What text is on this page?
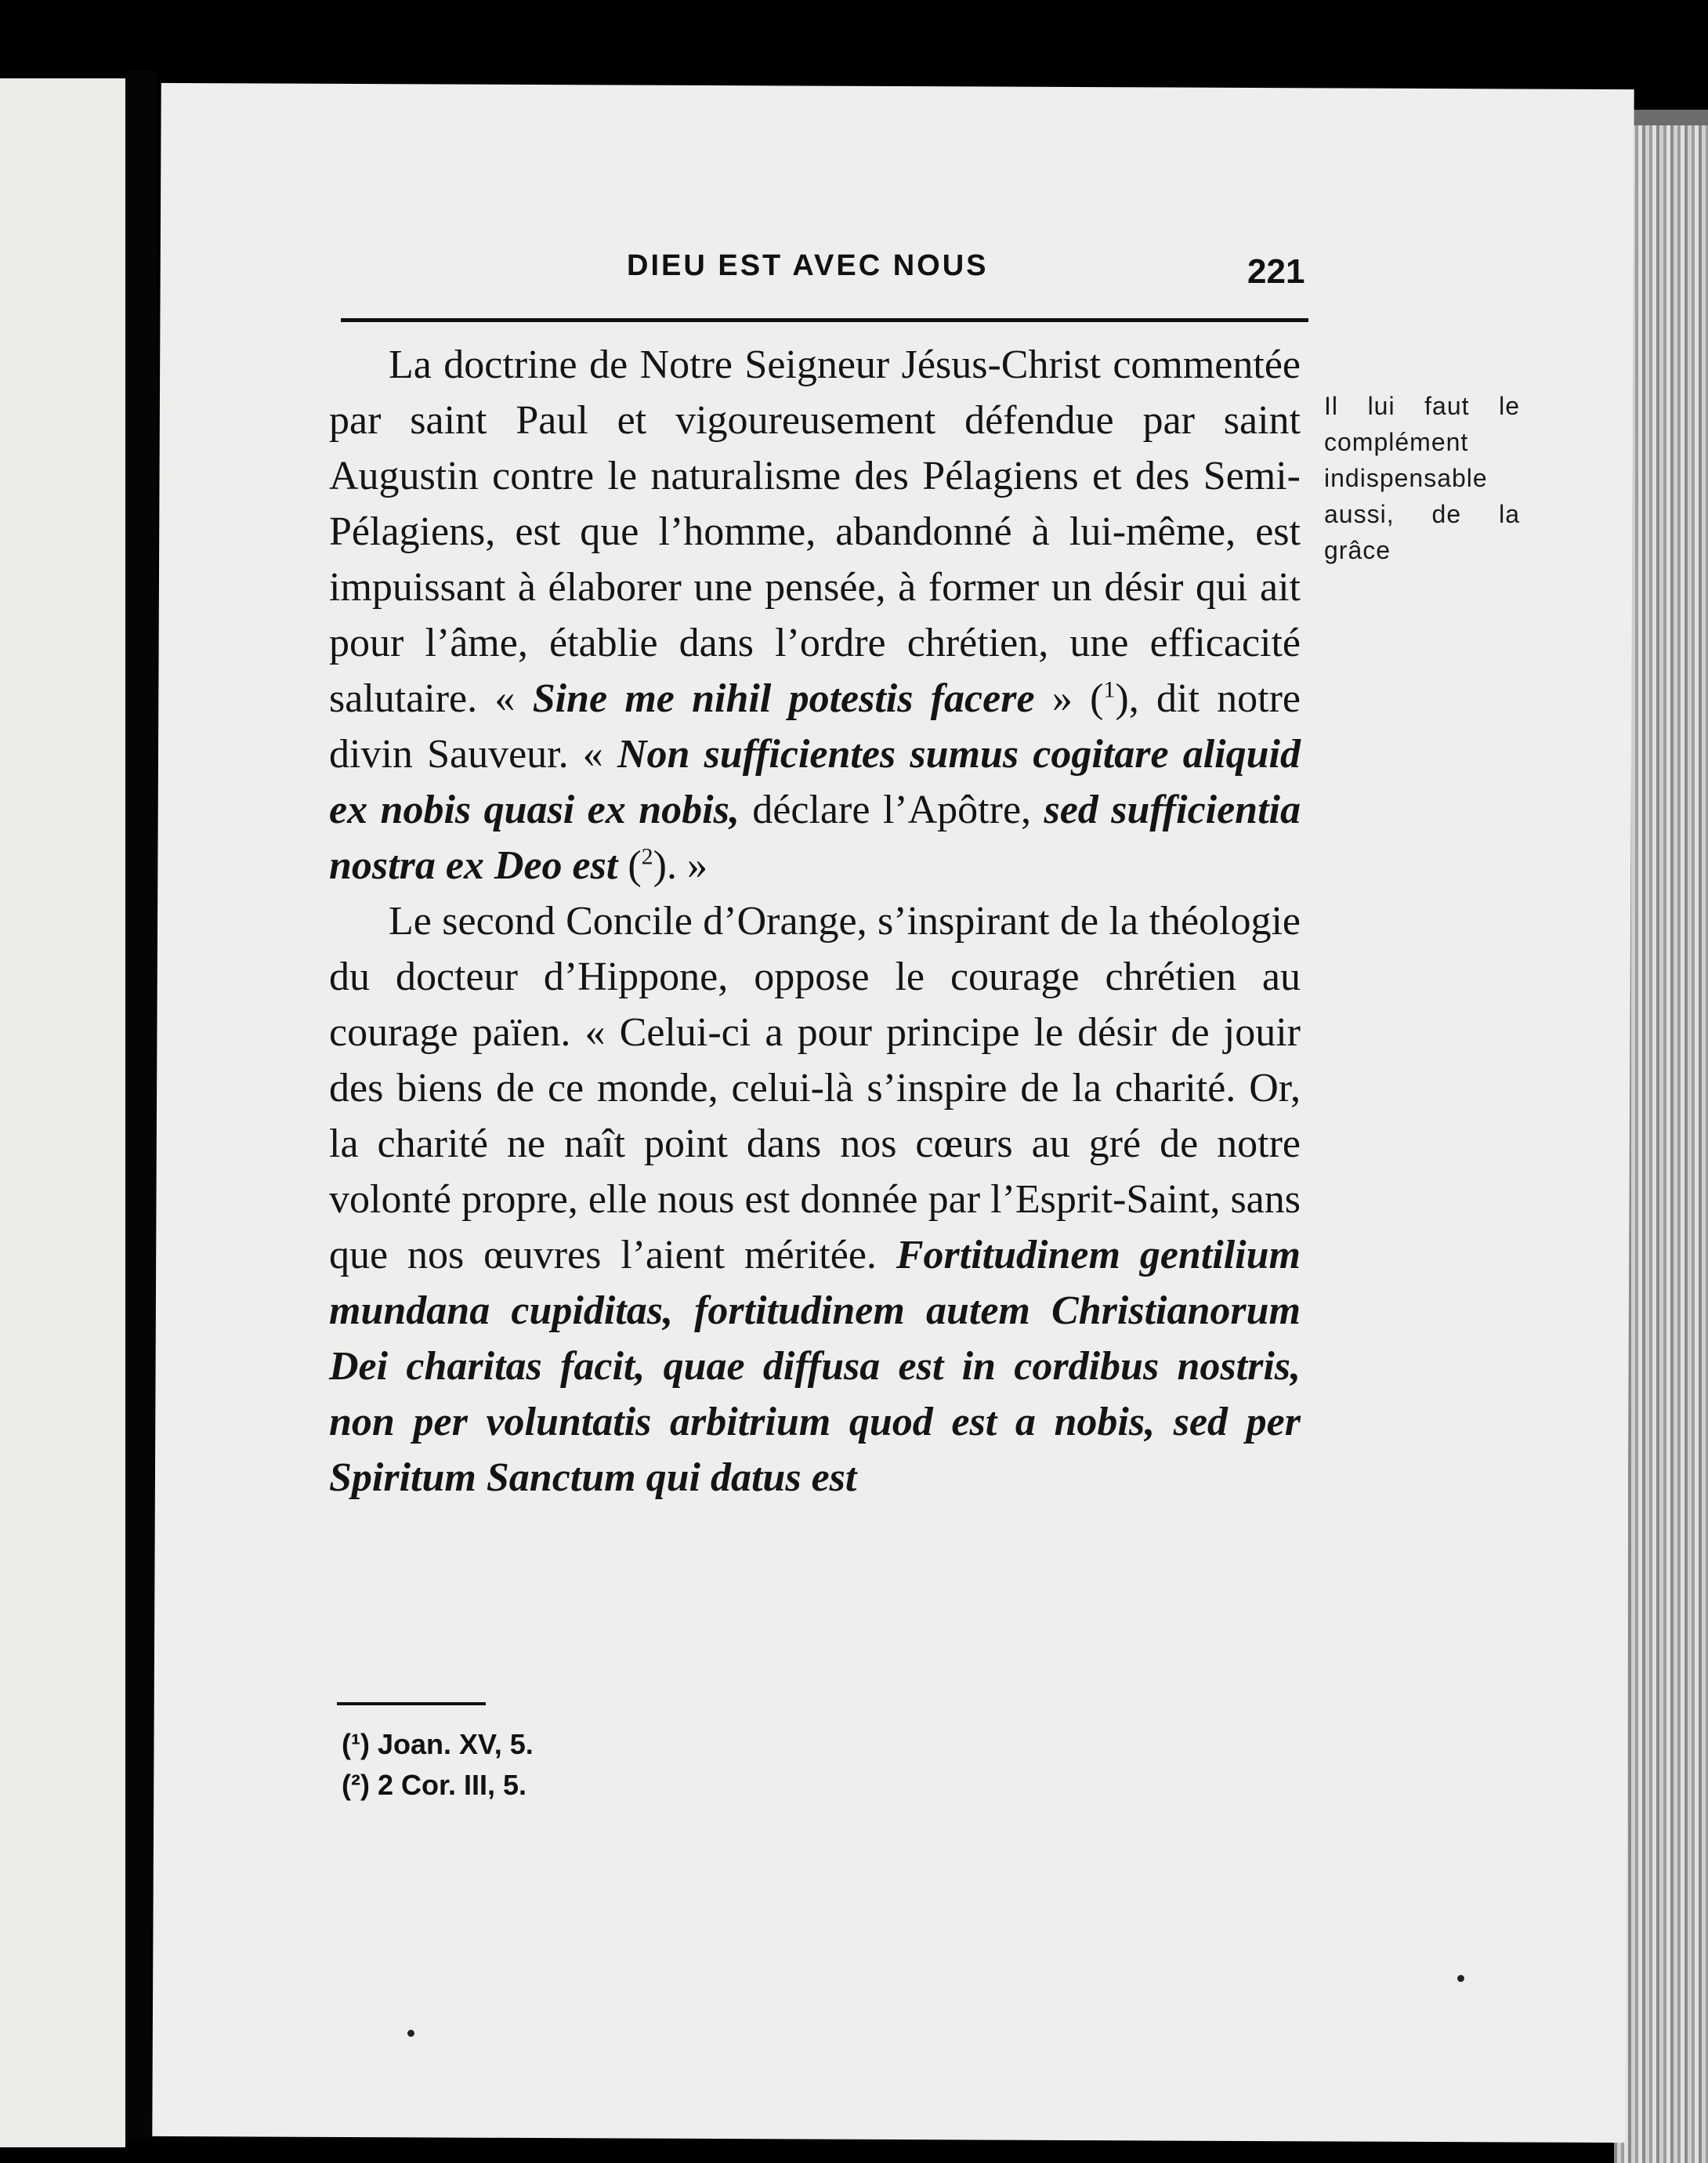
DIEU EST AVEC NOUS	221

La doctrine de Notre Seigneur Jésus-Christ commentée par saint Paul et vigoureusement défendue par saint Augustin contre le naturalisme des Pélagiens et des Semi-Pélagiens, est que l’homme, abandonné à lui-même, est impuissant à élaborer une pensée, à former un désir qui ait pour l’âme, établie dans l’ordre chrétien, une efficacité salutaire. « Sine me nihil potestis facere » ($^1$), dit notre divin Sauveur. « Non sufficientes sumus cogitare aliquid ex nobis quasi ex nobis, déclare l’Apôtre, sed sufficientia nostra ex Deo est ($^2$). »

Le second Concile d’Orange, s’inspirant de la théologie du docteur d’Hippone, oppose le courage chrétien au courage païen. « Celui-ci a pour principe le désir de jouir des biens de ce monde, celui-là s’inspire de la charité. Or, la charité ne naît point dans nos cœurs au gré de notre volonté propre, elle nous est donnée par l’Esprit-Saint, sans que nos œuvres l’aient méritée. Fortitudinem gentilium mundana cupiditas, fortitudinem autem Christianorum Dei charitas facit, quae diffusa est in cordibus nostris, non per voluntatis arbitrium quod est a nobis, sed per Spiritum Sanctum qui datus est

Il lui faut le complément indispensable aussi, de la grâce
(¹) Joan. XV, 5.
(²) 2 Cor. III, 5.
